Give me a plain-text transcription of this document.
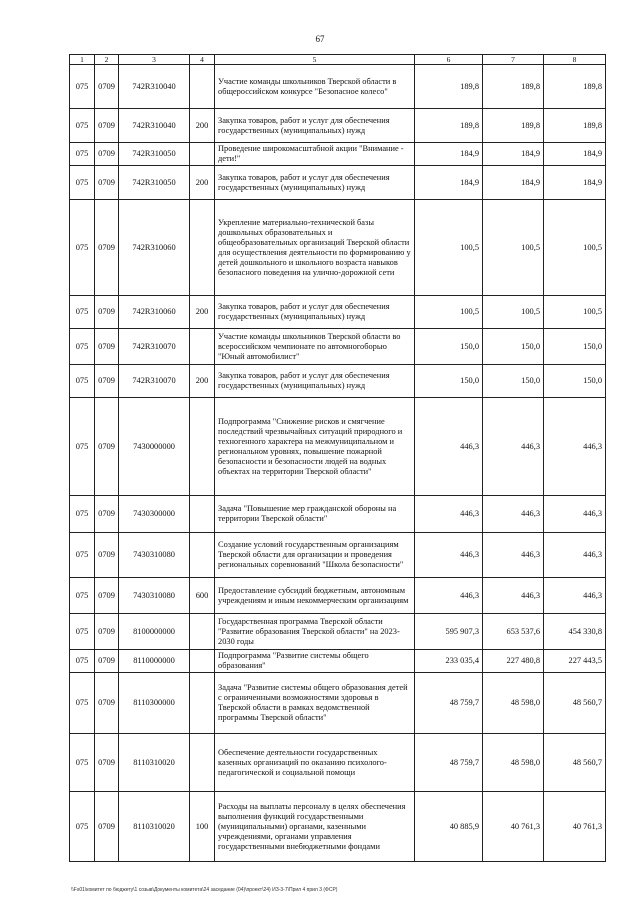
67
1	2	3	4	5	6	7	8
075	0709	742R310040		Участие команды школьников Тверской области в общероссийском конкурсе "Безопасное колесо"	189,8	189,8	189,8
075	0709	742R310040	200	Закупка товаров, работ и услуг для обеспечения государственных (муниципальных) нужд	189,8	189,8	189,8
075	0709	742R310050		Проведение широкомасштабной акции "Внимание - дети!"	184,9	184,9	184,9
075	0709	742R310050	200	Закупка товаров, работ и услуг для обеспечения государственных (муниципальных) нужд	184,9	184,9	184,9
075	0709	742R310060		Укрепление материально-технической базы дошкольных образовательных и общеобразовательных организаций Тверской области для осуществления деятельности по формированию у детей дошкольного и школьного возраста навыков безопасного поведения на улично-дорожной сети	100,5	100,5	100,5
075	0709	742R310060	200	Закупка товаров, работ и услуг для обеспечения государственных (муниципальных) нужд	100,5	100,5	100,5
075	0709	742R310070		Участие команды школьников Тверской области во всероссийском чемпионате по автомногоборью "Юный автомобилист"	150,0	150,0	150,0
075	0709	742R310070	200	Закупка товаров, работ и услуг для обеспечения государственных (муниципальных) нужд	150,0	150,0	150,0
075	0709	7430000000		Подпрограмма "Снижение рисков и смягчение последствий чрезвычайных ситуаций природного и техногенного характера на межмуниципальном и региональном уровнях, повышение пожарной безопасности и безопасности людей на водных объектах на территории Тверской области"	446,3	446,3	446,3
075	0709	7430300000		Задача "Повышение мер гражданской обороны на территории Тверской области"	446,3	446,3	446,3
075	0709	7430310080		Создание условий государственным организациям Тверской области для организации и проведения региональных соревнований "Школа безопасности"	446,3	446,3	446,3
075	0709	7430310080	600	Предоставление субсидий бюджетным, автономным учреждениям и иным некоммерческим организациям	446,3	446,3	446,3
075	0709	8100000000		Государственная программа Тверской области "Развитие образования Тверской области" на 2023-2030 годы	595 907,3	653 537,6	454 330,8
075	0709	8110000000		Подпрограмма "Развитие системы общего образования"	233 035,4	227 480,8	227 443,5
075	0709	8110300000		Задача "Развитие системы общего образования детей с ограниченными возможностями здоровья в Тверской области в рамках ведомственной программы Тверской области"	48 759,7	48 598,0	48 560,7
075	0709	8110310020		Обеспечение деятельности государственных казенных организаций по оказанию психолого-педагогической и социальной помощи	48 759,7	48 598,0	48 560,7
075	0709	8110310020	100	Расходы на выплаты персоналу в целях обеспечения выполнения функций государственными (муниципальными) органами, казенными учреждениями, органами управления государственными внебюджетными фондами	40 885,9	40 761,3	40 761,3
\\Fs01\комитет по бюджету\1 созыв\Документы комитета\24 заседание (04)\проект\24) ИЗ-3-7\Прил 4 прил 3 (ФСР)
